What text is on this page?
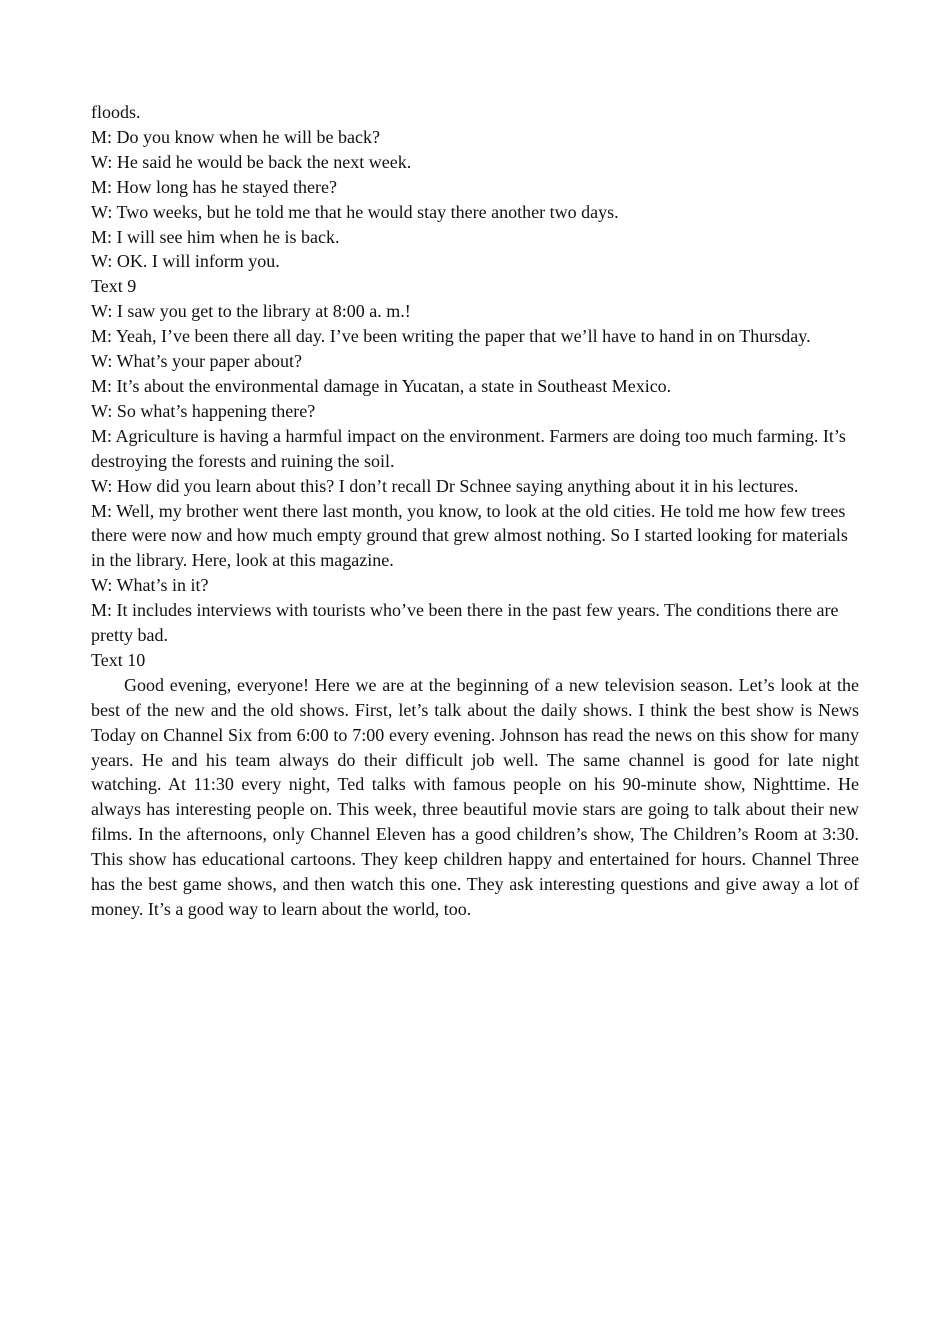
floods.

M: Do you know when he will be back?

W: He said he would be back the next week.

M: How long has he stayed there?

W: Two weeks, but he told me that he would stay there another two days.

M: I will see him when he is back.

W: OK. I will inform you.

Text 9

W: I saw you get to the library at 8:00 a. m.!

M: Yeah, I’ve been there all day. I’ve been writing the paper that we’ll have to hand in on Thursday.

W: What’s your paper about?

M: It’s about the environmental damage in Yucatan, a state in Southeast Mexico.

W: So what’s happening there?

M: Agriculture is having a harmful impact on the environment. Farmers are doing too much farming. It’s destroying the forests and ruining the soil.

W: How did you learn about this? I don’t recall Dr Schnee saying anything about it in his lectures.

M: Well, my brother went there last month, you know, to look at the old cities. He told me how few trees there were now and how much empty ground that grew almost nothing. So I started looking for materials in the library. Here, look at this magazine.

W: What’s in it?

M: It includes interviews with tourists who’ve been there in the past few years. The conditions there are pretty bad.

Text 10

Good evening, everyone! Here we are at the beginning of a new television season. Let’s look at the best of the new and the old shows. First, let’s talk about the daily shows. I think the best show is News Today on Channel Six from 6:00 to 7:00 every evening. Johnson has read the news on this show for many years. He and his team always do their difficult job well. The same channel is good for late night watching. At 11:30 every night, Ted talks with famous people on his 90-minute show, Nighttime. He always has interesting people on. This week, three beautiful movie stars are going to talk about their new films. In the afternoons, only Channel Eleven has a good children’s show, The Children’s Room at 3:30. This show has educational cartoons. They keep children happy and entertained for hours. Channel Three has the best game shows, and then watch this one. They ask interesting questions and give away a lot of money. It’s a good way to learn about the world, too.
